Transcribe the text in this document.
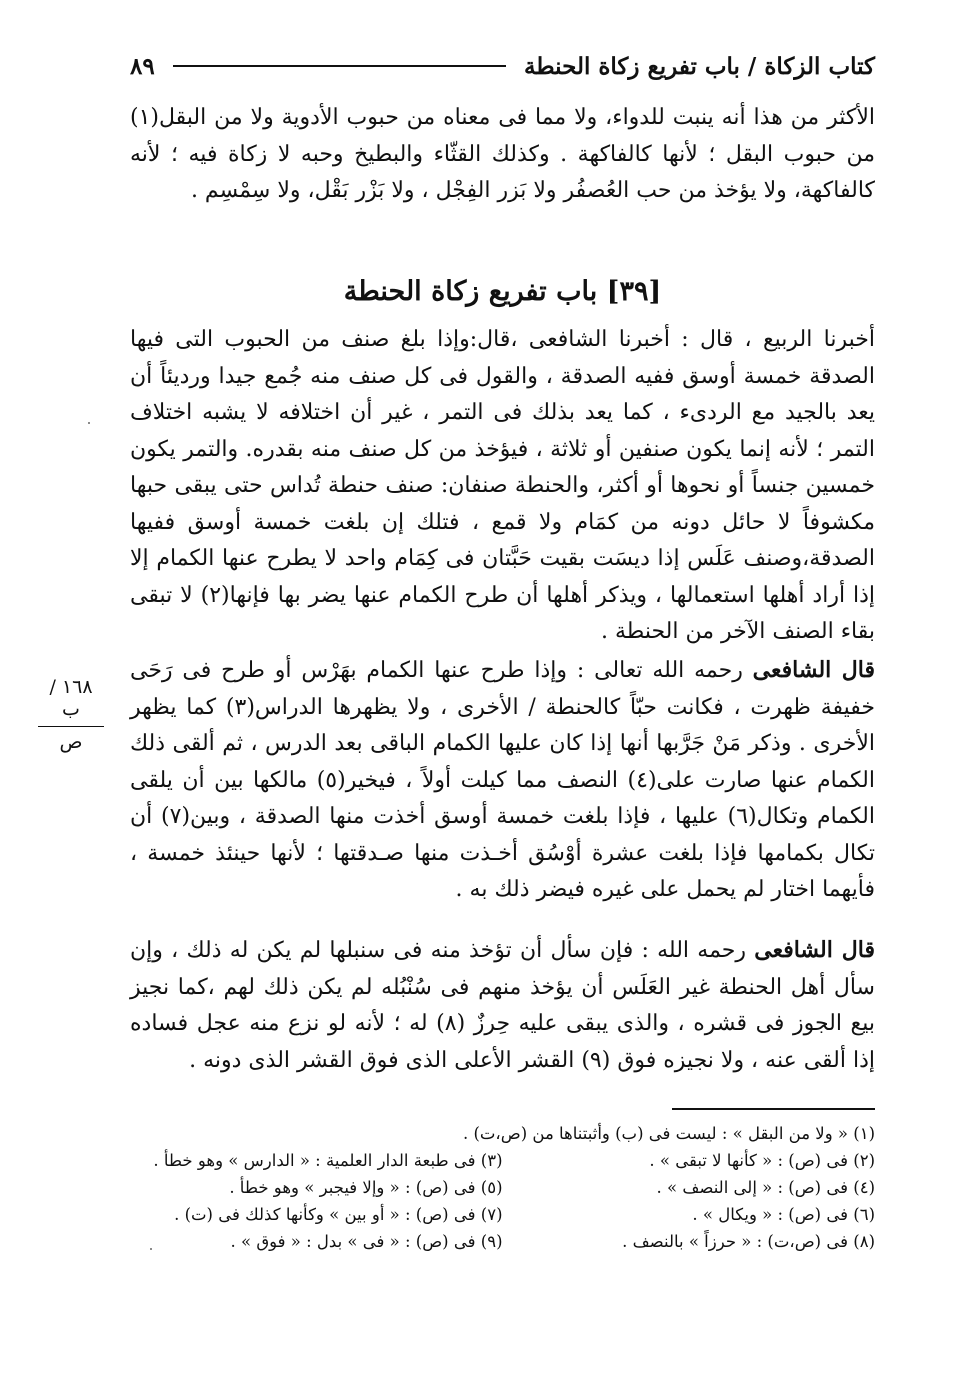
كتاب الزكاة / باب تفريع زكاة الحنطة
٨٩

الأكثر من هذا أنه ينبت للدواء، ولا مما فى معناه من حبوب الأدوية ولا من البقل(١) من حبوب البقل ؛ لأنها كالفاكهة . وكذلك القثّاء والبطيخ وحبه لا زكاة فيه ؛ لأنه كالفاكهة، ولا يؤخذ من حب العُصفُر ولا بَزر الفِجْل ، ولا بَزْر بَقْل، ولا سِمْسِم .

[٣٩] باب تفريع زكاة الحنطة

أخبرنا الربيع ، قال : أخبرنا الشافعى ،قال:وإذا بلغ صنف من الحبوب التى فيها الصدقة خمسة أوسق ففيه الصدقة ، والقول فى كل صنف منه جُمع جيدا ورديئاً أن يعد بالجيد مع الردىء ، كما يعد بذلك فى التمر ، غير أن اختلافه لا يشبه اختلاف التمر ؛ لأنه إنما يكون صنفين أو ثلاثة ، فيؤخذ من كل صنف منه بقدره. والتمر يكون خمسين جنساً أو نحوها أو أكثر، والحنطة صنفان: صنف حنطة تُداس حتى يبقى حبها مكشوفاً لا حائل دونه من كمَام ولا قمع ، فتلك إن بلغت خمسة أوسق ففيها الصدقة،وصنف عَلَس إذا ديسَت بقيت حَبَّتان فى كِمَام واحد لا يطرح عنها الكمام إلا إذا أراد أهلها استعمالها ، ويذكر أهلها أن طرح الكمام عنها يضر بها فإنها(٢) لا تبقى بقاء الصنف الآخر من الحنطة .

قال الشافعى رحمه الله تعالى : وإذا طرح عنها الكمام بهَرْس أو طرح فى رَحَى خفيفة ظهرت ، فكانت حبّاً كالحنطة / الأخرى ، ولا يظهرها الدراس(٣) كما يظهر الأخرى . وذكر مَنْ جَرَّبها أنها إذا كان عليها الكمام الباقى بعد الدرس ، ثم ألقى ذلك الكمام عنها صارت على(٤) النصف مما كيلت أولاً ، فيخير(٥) مالكها بين أن يلقى الكمام وتكال(٦) عليها ، فإذا بلغت خمسة أوسق أخذت منها الصدقة ، وبين(٧) أن تكال بكمامها فإذا بلغت عشرة أوْسُق أخـذت منها صـدقتها ؛ لأنها حينئذ خمسة ، فأيهما اختار لم يحمل على غيره فيضر ذلك به .

قال الشافعى رحمه الله : فإن سأل أن تؤخذ منه فى سنبلها لم يكن له ذلك ، وإن سأل أهل الحنطة غير العَلَس أن يؤخذ منهم فى سُنْبُله لم يكن ذلك لهم ،كما نجيز بيع الجوز فى قشره ، والذى يبقى عليه حِرزٌ (٨) له ؛ لأنه لو نزع منه عجل فساده إذا ألقى عنه ، ولا نجيزه فوق (٩) القشر الأعلى الذى فوق القشر الذى دونه .

١٦٨ / ب
ص
(١) « ولا من البقل » : ليست فى (ب) وأثبتناها من (ص،ت) .
(٢) فى (ص) : « كأنها لا تبقى » .
(٣) فى طبعة الدار العلمية : « الدارس » وهو خطأ .
(٤) فى (ص) : « إلى النصف » .
(٥) فى (ص) : « وإلا فيجبر » وهو خطأ .
(٦) فى (ص) : « ويكال » .
(٧) فى (ص) : « أو بين » وكأنها كذلك فى (ت) .
(٨) فى (ص،ت) : « حرزاً » بالنصف .
(٩) فى (ص) : « فى » بدل : « فوق » .
